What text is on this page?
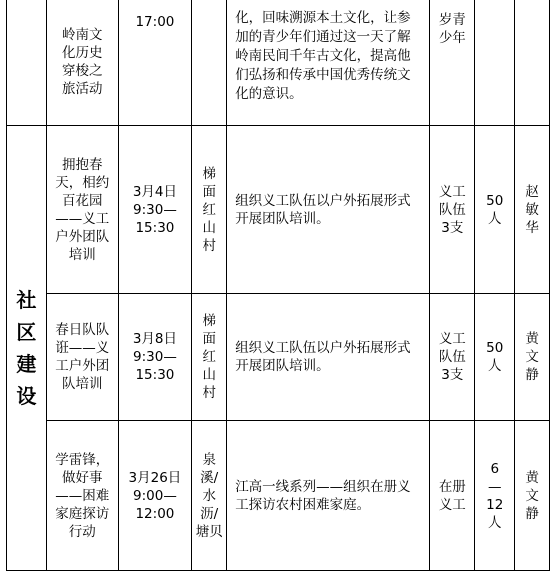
	岭南文化历史穿梭之旅活动	17:00		化，回味溯源本土文化，让参加的青少年们通过这一天了解岭南民间千年古文化，提高他们弘扬和传承中国优秀传统文化的意识。	岁青少年		

社区建设	拥抱春天，相约百花园——义工户外团队培训	3月4日
9:30—
15:30	梯面红山村	组织义工队伍以户外拓展形式开展团队培训。	义工队伍3支	50人	赵敏华

	春日队队诳——义工户外团队培训	3月8日
9:30—
15:30	梯面红山村	组织义工队伍以户外拓展形式开展团队培训。	义工队伍3支	50人	黄文静

	学雷锋，做好事——困难家庭探访行动	3月26日
9:00—
12:00	泉溪/水沥/塘贝	江高一线系列——组织在册义工探访农村困难家庭。	在册义工	6—12人	黄文静
